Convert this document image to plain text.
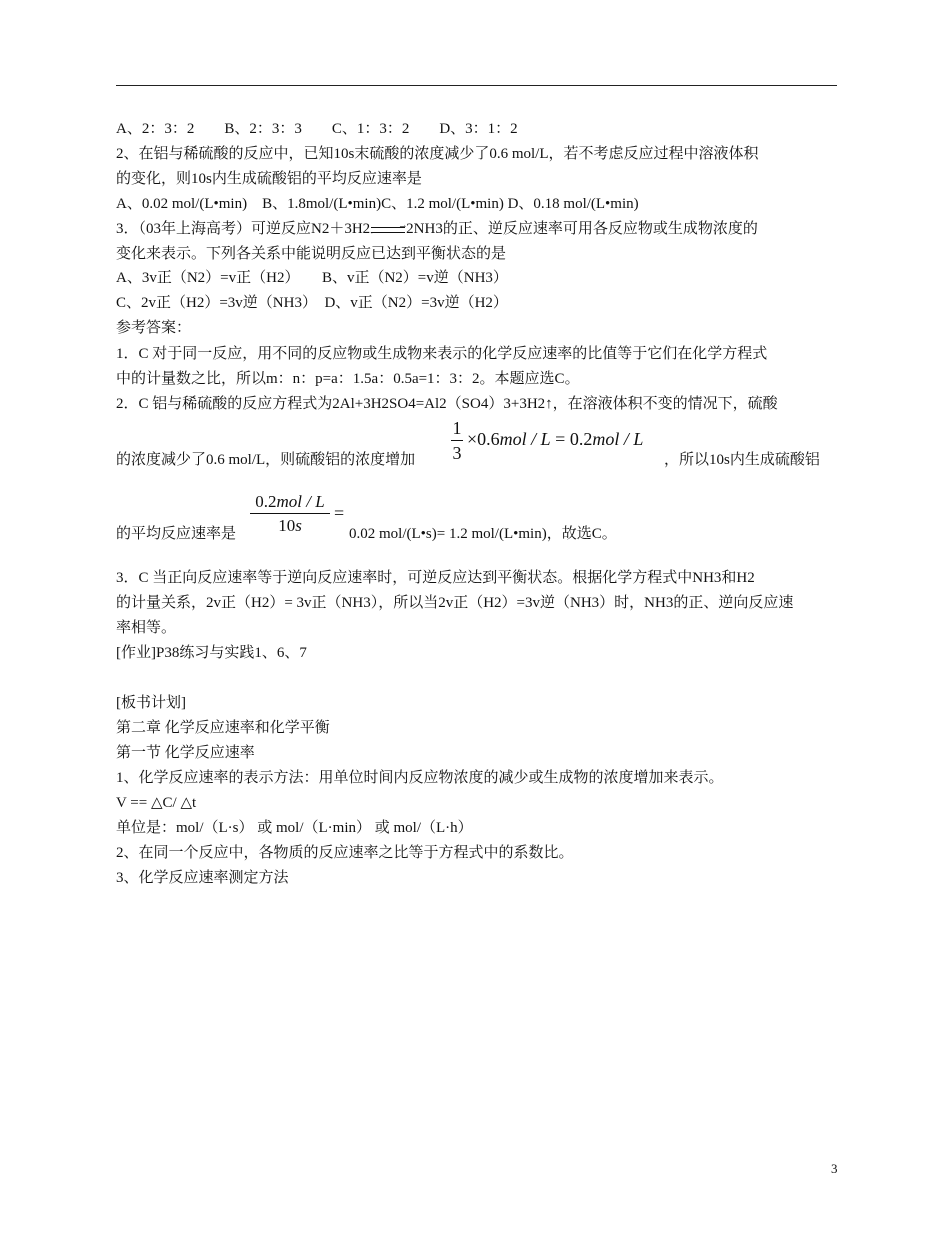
A、2：3：2　　B、2：3：3　　C、1：3：2　　D、3：1：2
2、在铝与稀硫酸的反应中，已知10s末硫酸的浓度减少了0.6 mol/L，若不考虑反应过程中溶液体积
的变化，则10s内生成硫酸铝的平均反应速率是
A、0.02 mol/(L•min)　B、1.8mol/(L•min)C、1.2 mol/(L•min) D、0.18 mol/(L•min)
3．（03年上海高考）可逆反应N2＋3H2	⇀
↽ 2NH3的正、逆反应速率可用各反应物或生成物浓度的
变化来表示。下列各关系中能说明反应已达到平衡状态的是
A、3v正（N2）=v正（H2）　　B、v正（N2）=v逆（NH3）
C、2v正（H2）=3v逆（NH3）　D、v正（N2）=3v逆（H2）
参考答案：
1．C 对于同一反应，用不同的反应物或生成物来表示的化学反应速率的比值等于它们在化学方程式
中的计量数之比，所以m：n：p=a：1.5a：0.5a=1：3：2。本题应选C。
2．C 铝与稀硫酸的反应方程式为2Al+3H2SO4=Al2（SO4）3+3H2↑，在溶液体积不变的情况下，硫酸
1
3
×0.6mol / L = 0.2mol / L
的浓度减少了0.6 mol/L，则硫酸铝的浓度增加	，所以10s内生成硫酸铝
0.2mol / L
10s
=
的平均反应速率是	0.02 mol/(L•s)= 1.2 mol/(L•min)，故选C。
3．C 当正向反应速率等于逆向反应速率时，可逆反应达到平衡状态。根据化学方程式中NH3和H2
的计量关系，2v正（H2）= 3v正（NH3），所以当2v正（H2）=3v逆（NH3）时，NH3的正、逆向反应速
率相等。
[作业]P38练习与实践1、6、7
[板书计划]
第二章 化学反应速率和化学平衡
第一节 化学反应速率
1、化学反应速率的表示方法：用单位时间内反应物浓度的减少或生成物的浓度增加来表示。
V == △C/ △t
单位是：mol/（L·s） 或 mol/（L·min） 或 mol/（L·h）
2、在同一个反应中，各物质的反应速率之比等于方程式中的系数比。
3、化学反应速率测定方法
3
